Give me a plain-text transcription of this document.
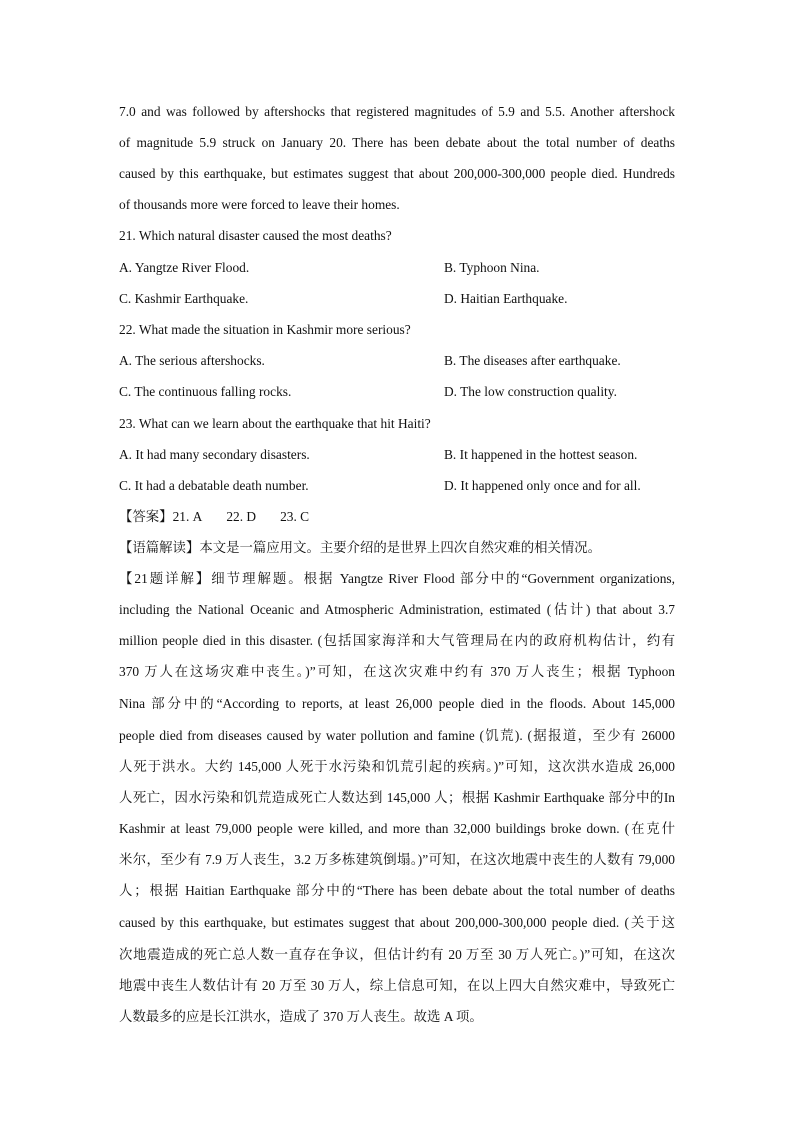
7.0 and was followed by aftershocks that registered magnitudes of 5.9 and 5.5. Another aftershock
of magnitude 5.9 struck on January 20. There has been debate about the total number of deaths
caused by this earthquake, but estimates suggest that about 200,000-300,000 people died. Hundreds
of thousands more were forced to leave their homes.
21. Which natural disaster caused the most deaths?
A. Yangtze River Flood.	B. Typhoon Nina.
C. Kashmir Earthquake.	D. Haitian Earthquake.
22. What made the situation in Kashmir more serious?
A. The serious aftershocks.	B. The diseases after earthquake.
C. The continuous falling rocks.	D. The low construction quality.
23. What can we learn about the earthquake that hit Haiti?
A. It had many secondary disasters.	B. It happened in the hottest season.
C. It had a debatable death number.	D. It happened only once and for all.
【答案】21. A 22. D 23. C
【语篇解读】本文是一篇应用文。主要介绍的是世界上四次自然灾难的相关情况。
【21题详解】细节理解题。根据 Yangtze River Flood 部分中的“Government organizations,
including the National Oceanic and Atmospheric Administration, estimated (估计) that about 3.7
million people died in this disaster. (包括国家海洋和大气管理局在内的政府机构估计，约有
370 万人在这场灾难中丧生。)”可知，在这次灾难中约有 370 万人丧生；根据 Typhoon
Nina 部分中的“According to reports, at least 26,000 people died in the floods. About 145,000
people died from diseases caused by water pollution and famine (饥荒). (据报道，至少有 26000
人死于洪水。大约 145,000 人死于水污染和饥荒引起的疾病。)”可知，这次洪水造成 26,000
人死亡，因水污染和饥荒造成死亡人数达到 145,000 人；根据 Kashmir Earthquake 部分中的In
Kashmir at least 79,000 people were killed, and more than 32,000 buildings broke down. (在克什
米尔，至少有 7.9 万人丧生，3.2 万多栋建筑倒塌。)”可知，在这次地震中丧生的人数有 79,000
人；根据 Haitian Earthquake 部分中的“There has been debate about the total number of deaths
caused by this earthquake, but estimates suggest that about 200,000-300,000 people died. (关于这
次地震造成的死亡总人数一直存在争议，但估计约有 20 万至 30 万人死亡。)”可知，在这次
地震中丧生人数估计有 20 万至 30 万人，综上信息可知，在以上四大自然灾难中，导致死亡
人数最多的应是长江洪水，造成了 370 万人丧生。故选 A 项。
